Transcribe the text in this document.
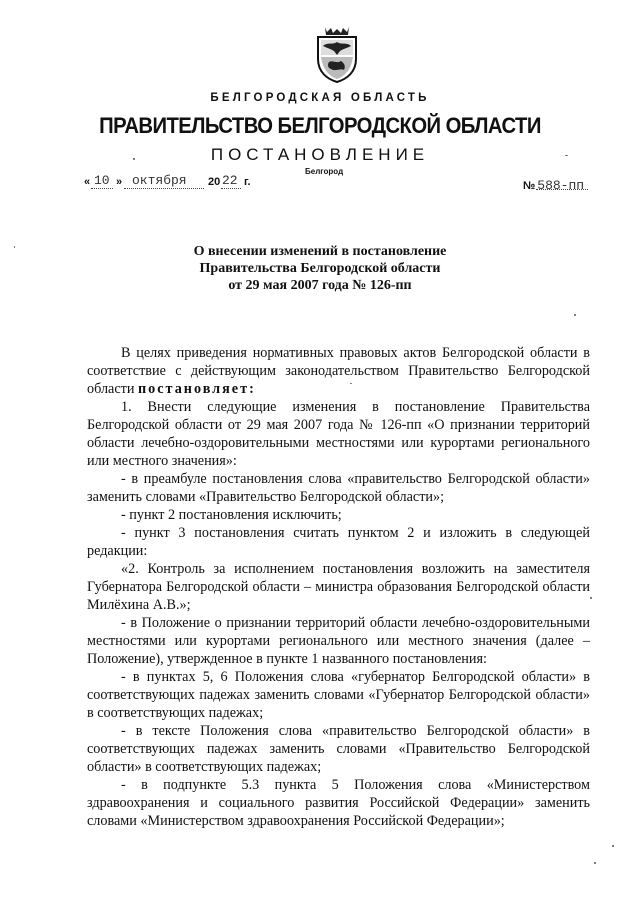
БЕЛГОРОДСКАЯ ОБЛАСТЬ
ПРАВИТЕЛЬСТВО БЕЛГОРОДСКОЙ ОБЛАСТИ
ПОСТАНОВЛЕНИЕ
Белгород
« 10 » октября 20 22 г.	№ 588-пп
О внесении изменений в постановление
Правительства Белгородской области
от 29 мая 2007 года № 126-пп

В целях приведения нормативных правовых актов Белгородской области в соответствие с действующим законодательством Правительство Белгородской области постановляет:

1. Внести следующие изменения в постановление Правительства Белгородской области от 29 мая 2007 года № 126-пп «О признании территорий области лечебно-оздоровительными местностями или курортами регионального или местного значения»:

- в преамбуле постановления слова «правительство Белгородской области» заменить словами «Правительство Белгородской области»;

- пункт 2 постановления исключить;

- пункт 3 постановления считать пунктом 2 и изложить в следующей редакции:

«2. Контроль за исполнением постановления возложить на заместителя Губернатора Белгородской области – министра образования Белгородской области Милёхина А.В.»;

- в Положение о признании территорий области лечебно-оздоровительными местностями или курортами регионального или местного значения (далее – Положение), утвержденное в пункте 1 названного постановления:

- в пунктах 5, 6 Положения слова «губернатор Белгородской области» в соответствующих падежах заменить словами «Губернатор Белгородской области» в соответствующих падежах;

- в тексте Положения слова «правительство Белгородской области» в соответствующих падежах заменить словами «Правительство Белгородской области» в соответствующих падежах;

- в подпункте 5.3 пункта 5 Положения слова «Министерством здравоохранения и социального развития Российской Федерации» заменить словами «Министерством здравоохранения Российской Федерации»;
